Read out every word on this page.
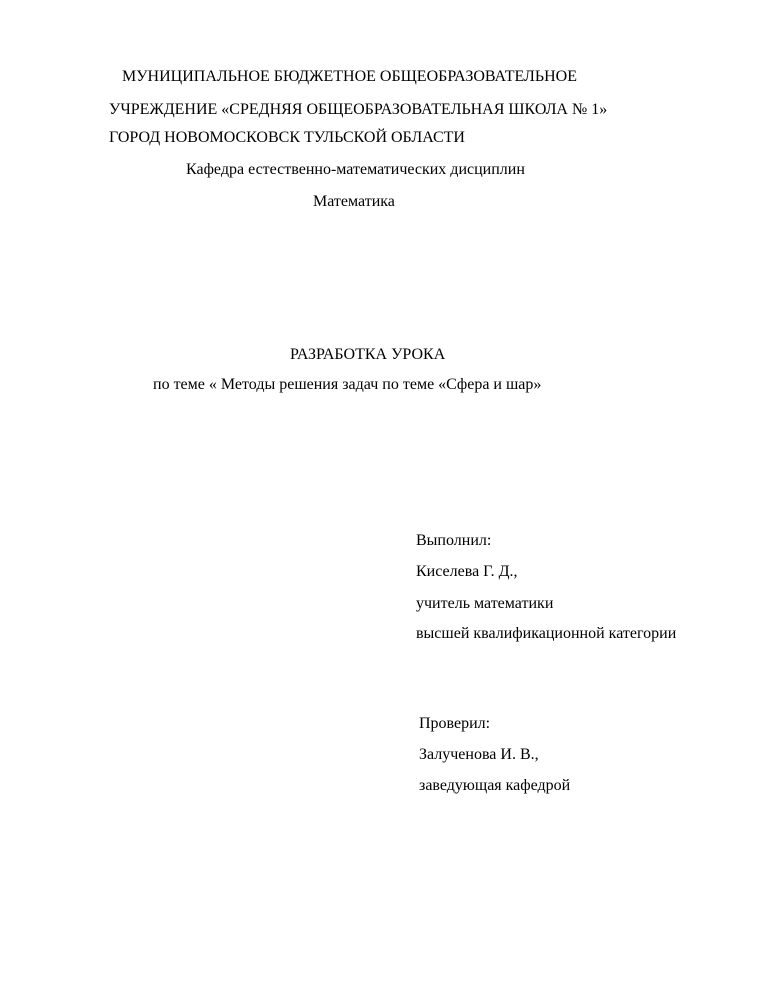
МУНИЦИПАЛЬНОЕ БЮДЖЕТНОЕ ОБЩЕОБРАЗОВАТЕЛЬНОЕ
УЧРЕЖДЕНИЕ «СРЕДНЯЯ ОБЩЕОБРАЗОВАТЕЛЬНАЯ ШКОЛА № 1»
ГОРОД НОВОМОСКОВСК ТУЛЬСКОЙ ОБЛАСТИ
Кафедра естественно-математических дисциплин
Математика
РАЗРАБОТКА УРОКА
по теме « Методы решения задач по теме «Сфера и шар»
Выполнил:
Киселева Г. Д.,
учитель математики
высшей квалификационной категории
Проверил:
Залученова И. В.,
заведующая кафедрой
